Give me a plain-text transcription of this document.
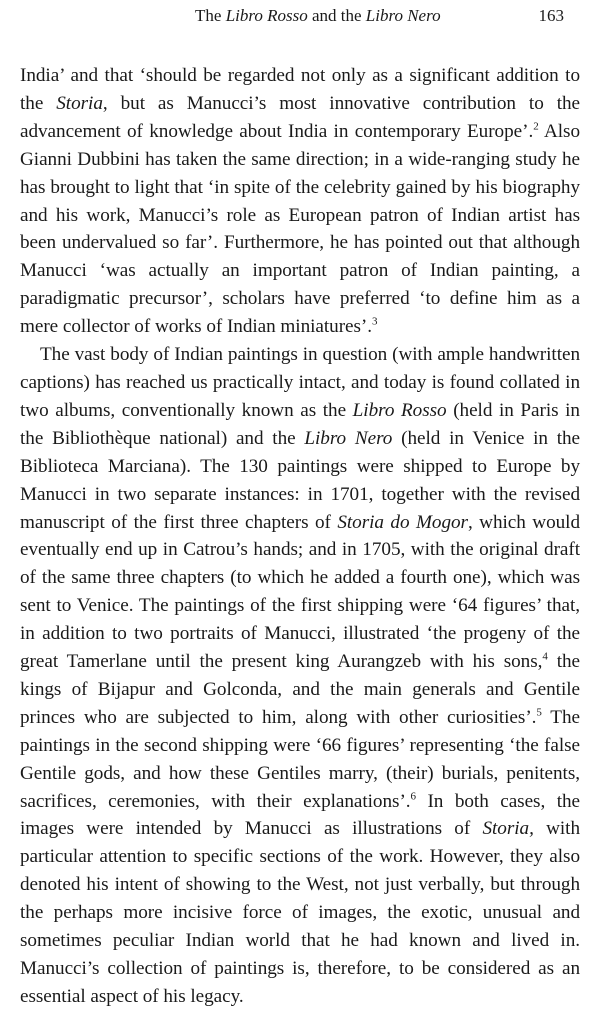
The Libro Rosso and the Libro Nero	163

India’ and that ‘should be regarded not only as a significant addition to the Storia, but as Manucci’s most innovative contribution to the advancement of knowledge about India in contemporary Europe’.$^2$ Also Gianni Dubbini has taken the same direction; in a wide-ranging study he has brought to light that ‘in spite of the celebrity gained by his biography and his work, Manucci’s role as European patron of Indian artist has been undervalued so far’. Furthermore, he has pointed out that although Manucci ‘was actually an important patron of Indian painting, a paradigmatic precursor’, scholars have preferred ‘to define him as a mere collector of works of Indian miniatures’.$^3$

The vast body of Indian paintings in question (with ample handwritten captions) has reached us practically intact, and today is found collated in two albums, conventionally known as the Libro Rosso (held in Paris in the Bibliothèque national) and the Libro Nero (held in Venice in the Biblioteca Marciana). The 130 paintings were shipped to Europe by Manucci in two separate instances: in 1701, together with the revised manuscript of the first three chapters of Storia do Mogor, which would eventually end up in Catrou’s hands; and in 1705, with the original draft of the same three chapters (to which he added a fourth one), which was sent to Venice. The paintings of the first shipping were ‘64 figures’ that, in addition to two portraits of Manucci, illustrated ‘the progeny of the great Tamerlane until the present king Aurangzeb with his sons,$^4$ the kings of Bijapur and Golconda, and the main generals and Gentile princes who are subjected to him, along with other curiosities’.$^5$ The paintings in the second shipping were ‘66 figures’ representing ‘the false Gentile gods, and how these Gentiles marry, (their) burials, penitents, sacrifices, ceremonies, with their explanations’.$^6$ In both cases, the images were intended by Manucci as illustrations of Storia, with particular attention to specific sections of the work. However, they also denoted his intent of showing to the West, not just verbally, but through the perhaps more incisive force of images, the exotic, unusual and sometimes peculiar Indian world that he had known and lived in. Manucci’s collection of paintings is, therefore, to be considered as an essential aspect of his legacy.
